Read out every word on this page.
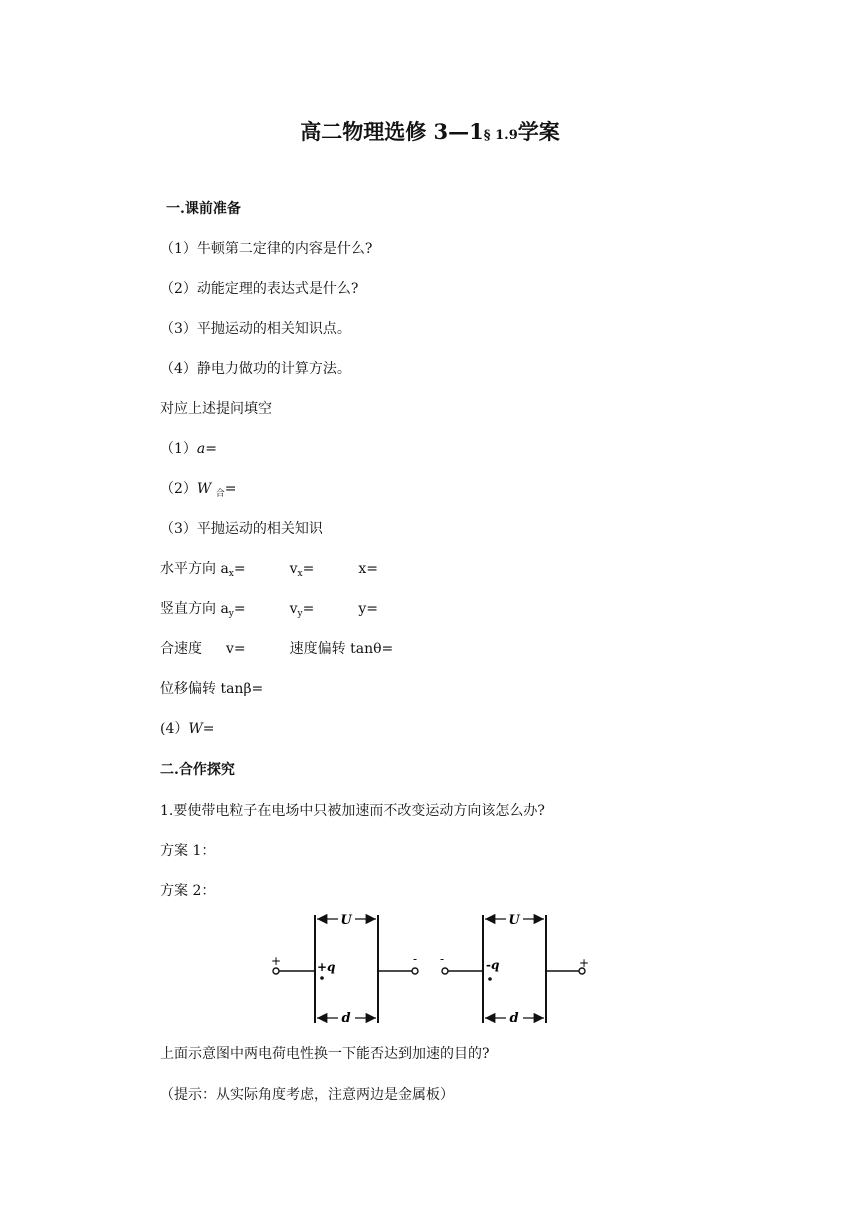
高二物理选修 3—1§ 1.9学案
一.课前准备
（1）牛顿第二定律的内容是什么?
（2）动能定理的表达式是什么?
（3）平抛运动的相关知识点。
（4）静电力做功的计算方法。
对应上述提问填空
（1）a=
（2）W $_合$=
（3）平抛运动的相关知识
水平方向 $a_x=$	$v_x=$	x=
竖直方向 $a_y=$	$v_y=$	y=
合速度 v=	速度偏转 tanθ=
位移偏转 tanβ=
(4）W=
二.合作探究
1.要使带电粒子在电场中只被加速而不改变运动方向该怎么办?
方案 1：
方案 2：
U
d
+	-
+q
U
d
-	+
-q
上面示意图中两电荷电性换一下能否达到加速的目的?
（提示：从实际角度考虑，注意两边是金属板）
